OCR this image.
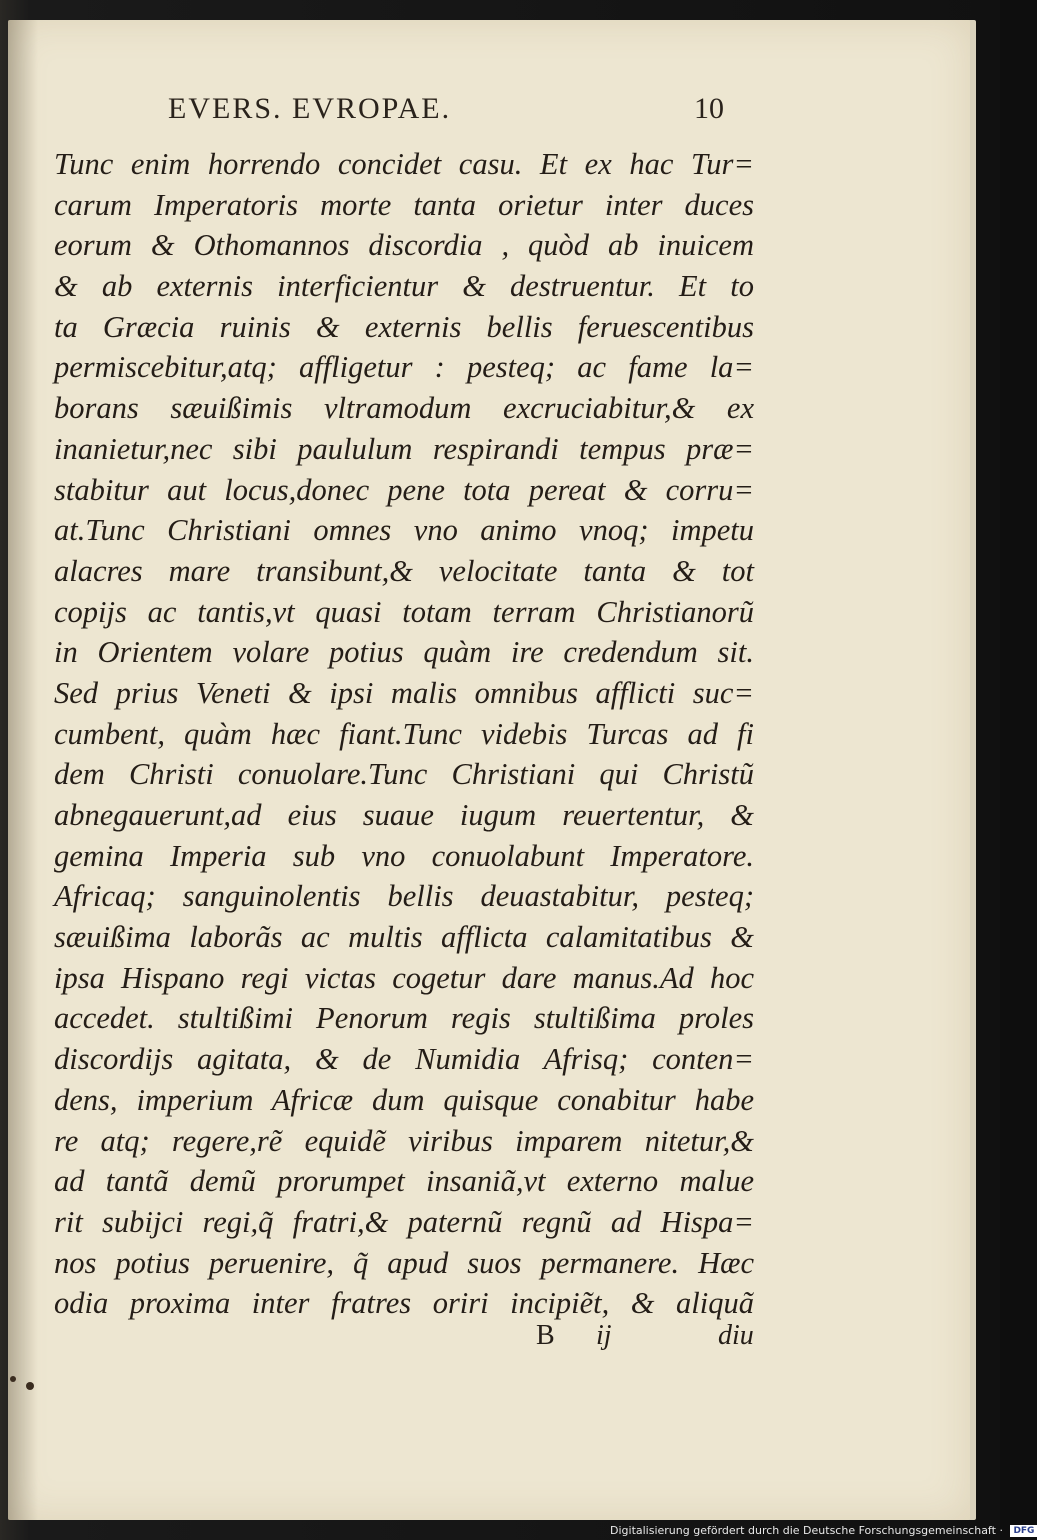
EVERS. EVROPAE.	10
Tunc enim horrendo concidet casu. Et ex hac Tur=
carum Imperatoris morte tanta orietur inter duces
eorum & Othomannos discordia , quòd ab inuicem
& ab externis interficientur & destruentur. Et to
ta Græcia ruinis & externis bellis feruescentibus
permiscebitur,atq; affligetur : pesteq; ac fame la=
borans sæuißimis vltramodum excruciabitur,& ex
inanietur,nec sibi paululum respirandi tempus præ=
stabitur aut locus,donec pene tota pereat & corru=
at.Tunc Christiani omnes vno animo vnoq; impetu
alacres mare transibunt,& velocitate tanta & tot
copijs ac tantis,vt quasi totam terram Christianorũ
in Orientem volare potius quàm ire credendum sit.
Sed prius Veneti & ipsi malis omnibus afflicti suc=
cumbent, quàm hæc fiant.Tunc videbis Turcas ad fi
dem Christi conuolare.Tunc Christiani qui Christũ
abnegauerunt,ad eius suaue iugum reuertentur, &
gemina Imperia sub vno conuolabunt Imperatore.
Africaq; sanguinolentis bellis deuastabitur, pesteq;
sæuißima laborãs ac multis afflicta calamitatibus &
ipsa Hispano regi victas cogetur dare manus.Ad hoc
accedet. stultißimi Penorum regis stultißima proles
discordijs agitata, & de Numidia Afrisq; conten=
dens, imperium Africæ dum quisque conabitur habe
re atq; regere,rẽ equidẽ viribus imparem nitetur,&
ad tantã demũ prorumpet insaniã,vt externo malue
rit subijci regi,q̃ fratri,& paternũ regnũ ad Hispa=
nos potius peruenire, q̃ apud suos permanere. Hæc
odia proxima inter fratres oriri incipiẽt, & aliquã
B ij	diu
Digitalisierung gefördert durch die Deutsche Forschungsgemeinschaft · DFG
